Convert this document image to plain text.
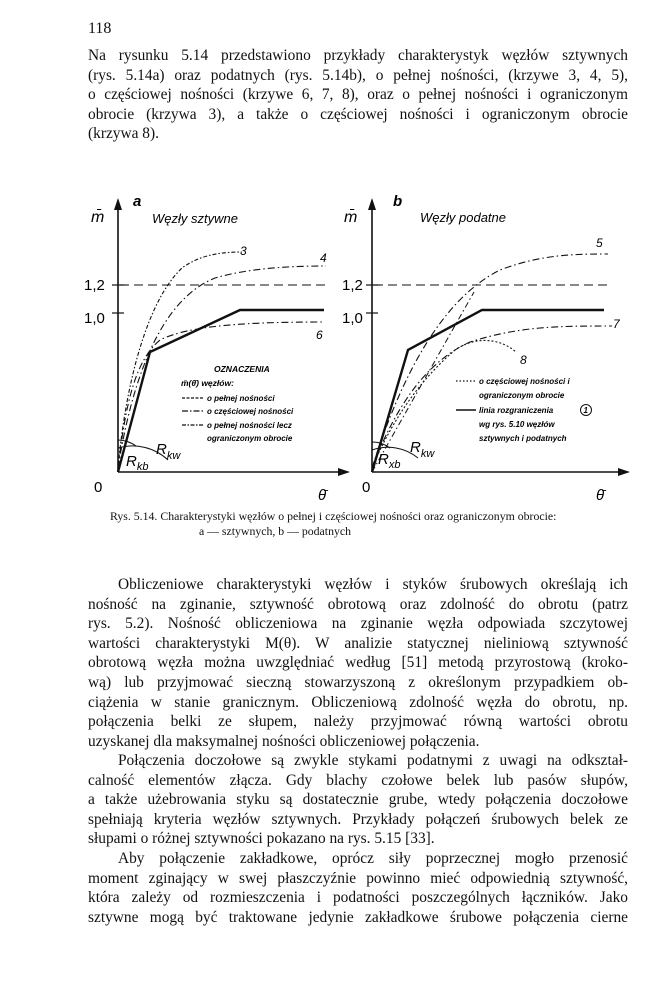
118
Na rysunku 5.14 przedstawiono przykłady charakterystyk węzłów sztywnych
(rys. 5.14a) oraz podatnych (rys. 5.14b), o pełnej nośności, (krzywe 3, 4, 5),
o częściowej nośności (krzywe 6, 7, 8), oraz o pełnej nośności i ograniczonym
obrocie (krzywa 3), a także o częściowej nośności i ograniczonym obrocie
(krzywa 8).
a
m̄	Węzły sztywne
0	θ̄
1,2
1,0
3	4
6
$R_{kb}$
$R_{kw}$
OZNACZENIA
m̄(θ̄) węzłów:
o pełnej nośności
o częściowej nośności
o pełnej nośności lecz
ograniczonym obrocie
b
m̄	Węzły podatne
0	θ̄
1,2
1,0
5
7
8
$R_{xb}$
$R_{kw}$
o częściowej nośności i
ograniczonym obrocie
linia rozgraniczenia	1
wg rys. 5.10 węzłów
sztywnych i podatnych
Rys. 5.14. Charakterystyki węzłów o pełnej i częściowej nośności oraz ograniczonym obrocie:
a — sztywnych, b — podatnych
Obliczeniowe charakterystyki węzłów i styków śrubowych określają ich
nośność na zginanie, sztywność obrotową oraz zdolność do obrotu (patrz
rys. 5.2). Nośność obliczeniowa na zginanie węzła odpowiada szczytowej
wartości charakterystyki M(θ). W analizie statycznej nieliniową sztywność
obrotową węzła można uwzględniać według [51] metodą przyrostową (kroko-
wą) lub przyjmować sieczną stowarzyszoną z określonym przypadkiem ob-
ciążenia w stanie granicznym. Obliczeniową zdolność węzła do obrotu, np.
połączenia belki ze słupem, należy przyjmować równą wartości obrotu
uzyskanej dla maksymalnej nośności obliczeniowej połączenia.
Połączenia doczołowe są zwykle stykami podatnymi z uwagi na odkształ-
calność elementów złącza. Gdy blachy czołowe belek lub pasów słupów,
a także użebrowania styku są dostatecznie grube, wtedy połączenia doczołowe
spełniają kryteria węzłów sztywnych. Przykłady połączeń śrubowych belek ze
słupami o różnej sztywności pokazano na rys. 5.15 [33].
Aby połączenie zakładkowe, oprócz siły poprzecznej mogło przenosić
moment zginający w swej płaszczyźnie powinno mieć odpowiednią sztywność,
która zależy od rozmieszczenia i podatności poszczególnych łączników. Jako
sztywne mogą być traktowane jedynie zakładkowe śrubowe połączenia cierne
